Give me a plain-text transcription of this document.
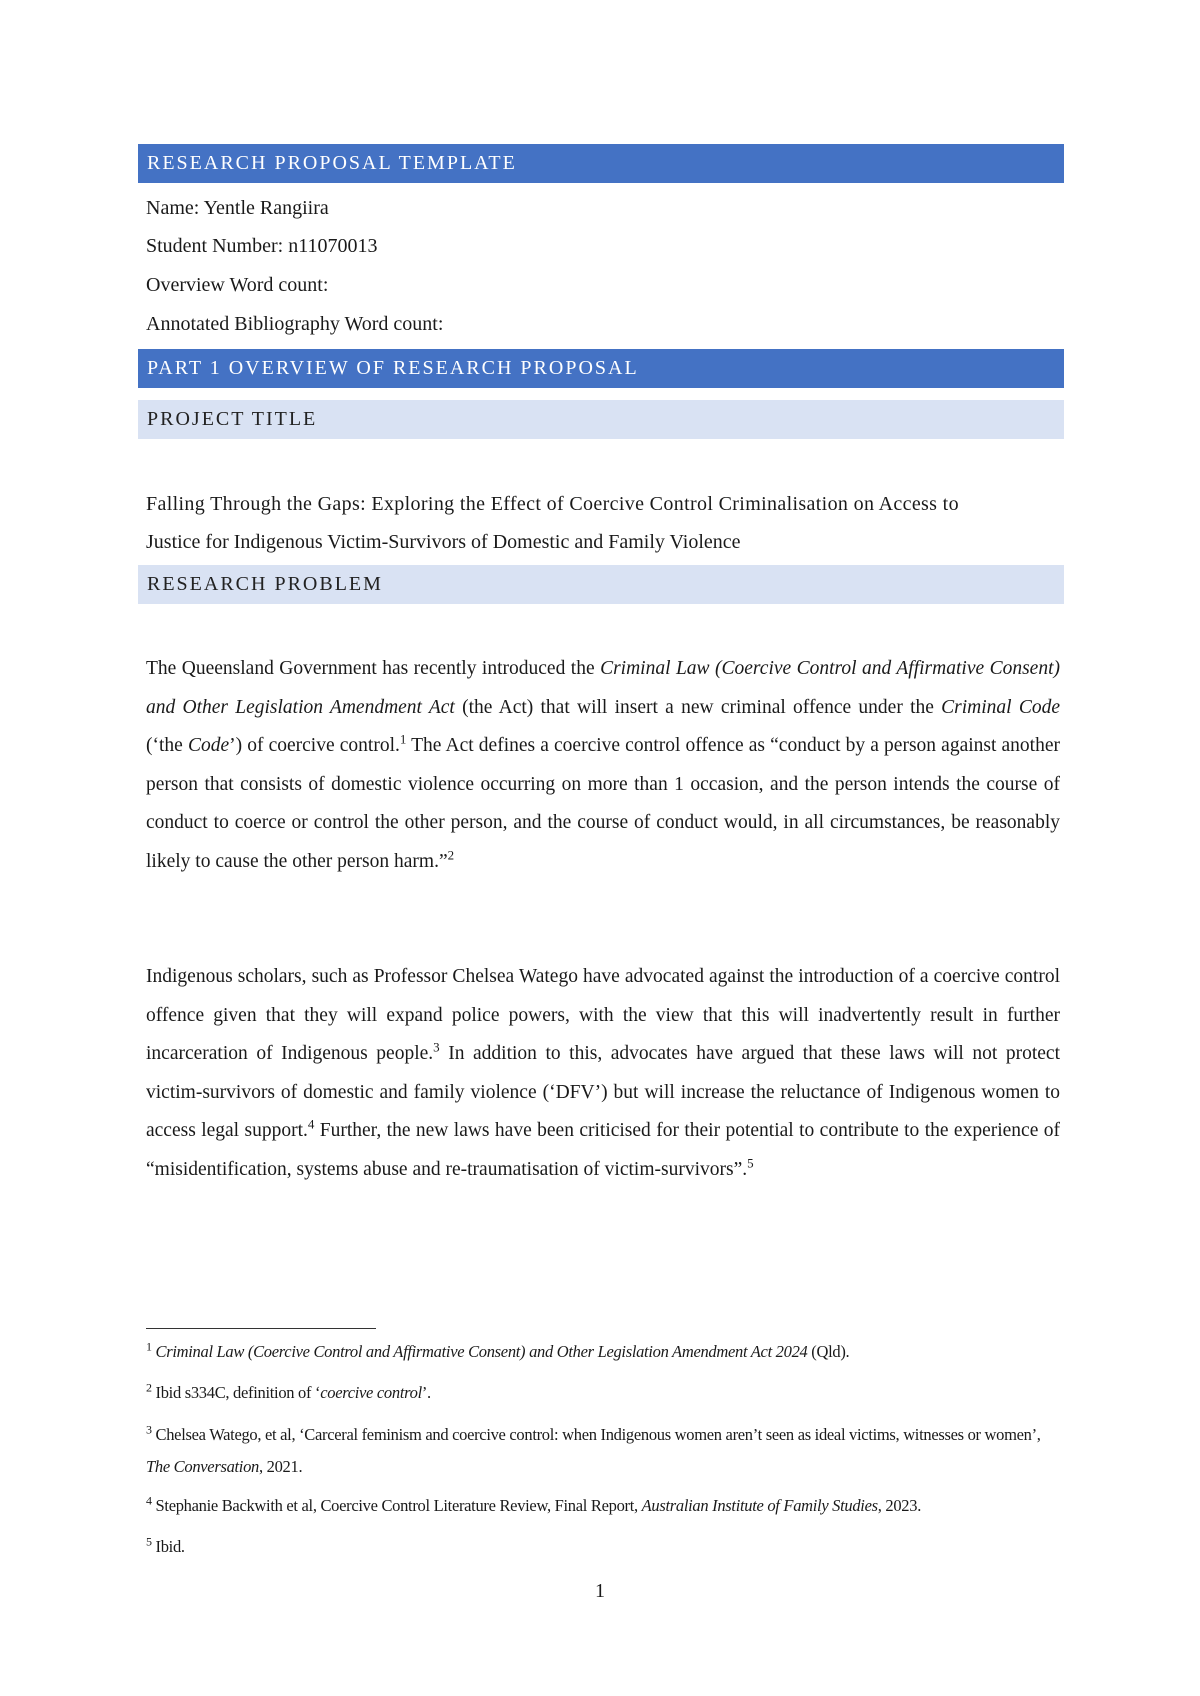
RESEARCH PROPOSAL TEMPLATE
Name: Yentle Rangiira
Student Number: n11070013
Overview Word count:
Annotated Bibliography Word count:
PART 1 OVERVIEW OF RESEARCH PROPOSAL
PROJECT TITLE
Falling Through the Gaps: Exploring the Effect of Coercive Control Criminalisation on Access to
Justice for Indigenous Victim-Survivors of Domestic and Family Violence
RESEARCH PROBLEM

The Queensland Government has recently introduced the Criminal Law (Coercive Control and Affirmative Consent) and Other Legislation Amendment Act (the Act) that will insert a new criminal offence under the Criminal Code (‘the Code’) of coercive control.$^1$ The Act defines a coercive control offence as “conduct by a person against another person that consists of domestic violence occurring on more than 1 occasion, and the person intends the course of conduct to coerce or control the other person, and the course of conduct would, in all circumstances, be reasonably likely to cause the other person harm.”$^2$

Indigenous scholars, such as Professor Chelsea Watego have advocated against the introduction of a coercive control offence given that they will expand police powers, with the view that this will inadvertently result in further incarceration of Indigenous people.$^3$ In addition to this, advocates have argued that these laws will not protect victim-survivors of domestic and family violence (‘DFV’) but will increase the reluctance of Indigenous women to access legal support.$^4$ Further, the new laws have been criticised for their potential to contribute to the experience of “misidentification, systems abuse and re-traumatisation of victim-survivors”.$^5$

$^1$ Criminal Law (Coercive Control and Affirmative Consent) and Other Legislation Amendment Act 2024 (Qld).
$^2$ Ibid s334C, definition of ‘coercive control’.
$^3$ Chelsea Watego, et al, ‘Carceral feminism and coercive control: when Indigenous women aren’t seen as ideal victims, witnesses or women’, The Conversation, 2021.
$^4$ Stephanie Backwith et al, Coercive Control Literature Review, Final Report, Australian Institute of Family Studies, 2023.
$^5$ Ibid.
1
